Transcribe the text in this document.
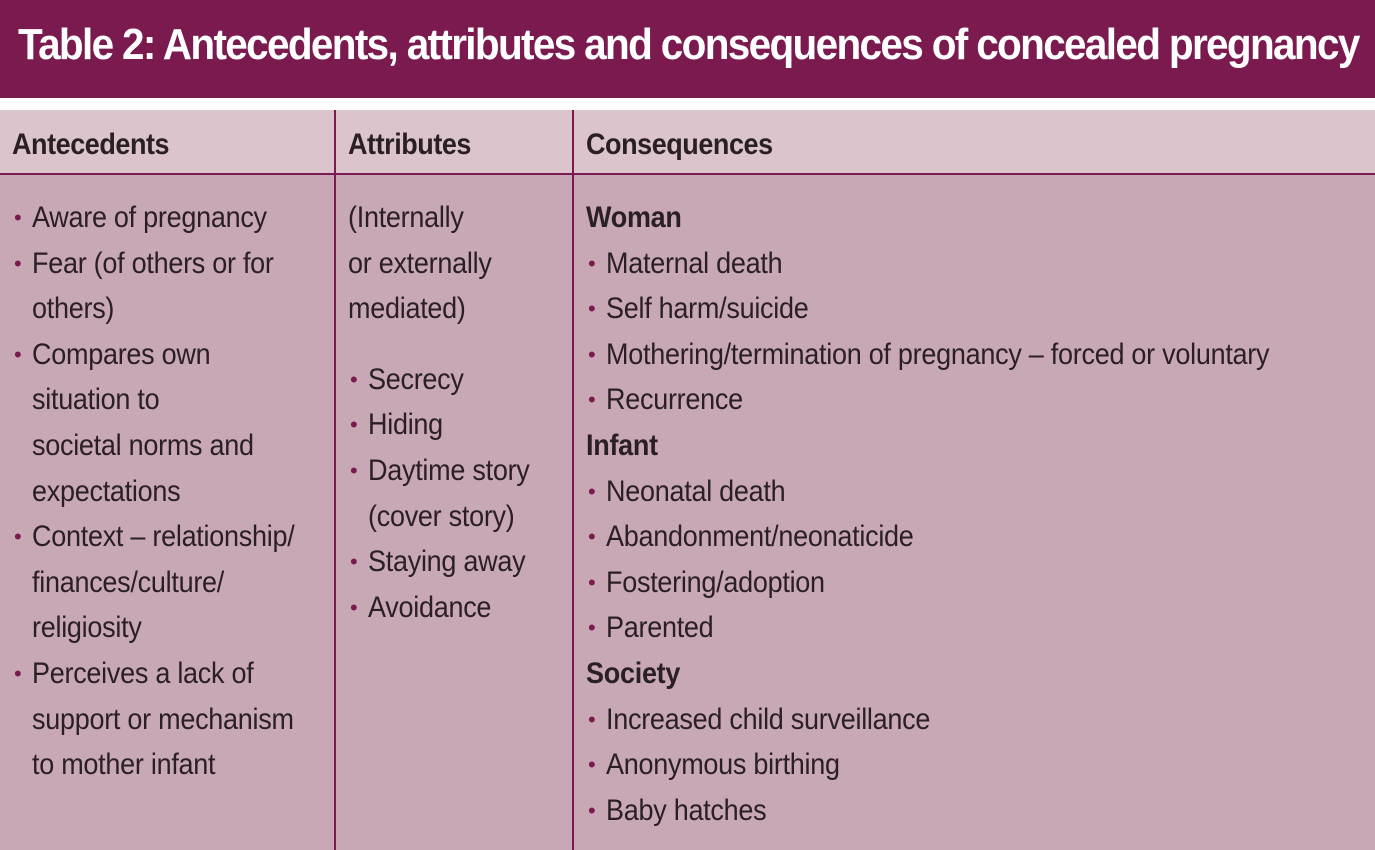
Table 2: Antecedents, attributes and consequences of concealed pregnancy
Antecedents	Attributes	Consequences
• Aware of pregnancy
• Fear (of others or for
others)
• Compares own
situation to
societal norms and
expectations
• Context – relationship/
finances/culture/
religiosity
• Perceives a lack of
support or mechanism
to mother infant
(Internally
or externally
mediated)
• Secrecy
• Hiding
• Daytime story
(cover story)
• Staying away
• Avoidance
Woman
• Maternal death
• Self harm/suicide
• Mothering/termination of pregnancy – forced or voluntary
• Recurrence
Infant
• Neonatal death
• Abandonment/neonaticide
• Fostering/adoption
• Parented
Society
• Increased child surveillance
• Anonymous birthing
• Baby hatches
